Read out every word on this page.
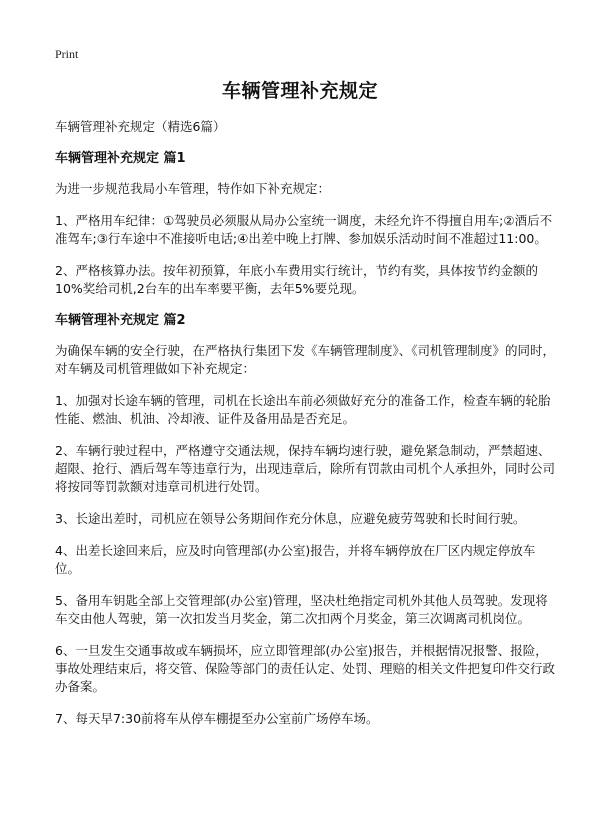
Print
车辆管理补充规定

车辆管理补充规定（精选6篇）

车辆管理补充规定 篇1

为进一步规范我局小车管理，特作如下补充规定：

1、严格用车纪律：①驾驶员必须服从局办公室统一调度，未经允许不得擅自用车;②酒后不准驾车;③行车途中不准接听电话;④出差中晚上打牌、参加娱乐活动时间不准超过11:00。

2、严格核算办法。按年初预算，年底小车费用实行统计，节约有奖，具体按节约金额的10%奖给司机,2台车的出车率要平衡，去年5%要兑现。

车辆管理补充规定 篇2

为确保车辆的安全行驶，在严格执行集团下发《车辆管理制度》、《司机管理制度》的同时，对车辆及司机管理做如下补充规定：

1、加强对长途车辆的管理，司机在长途出车前必须做好充分的准备工作，检查车辆的轮胎性能、燃油、机油、冷却液、证件及备用品是否充足。

2、车辆行驶过程中，严格遵守交通法规，保持车辆均速行驶，避免紧急制动，严禁超速、超限、抢行、酒后驾车等违章行为，出现违章后，除所有罚款由司机个人承担外，同时公司将按同等罚款额对违章司机进行处罚。

3、长途出差时，司机应在领导公务期间作充分休息，应避免疲劳驾驶和长时间行驶。

4、出差长途回来后，应及时向管理部(办公室)报告，并将车辆停放在厂区内规定停放车位。

5、备用车钥匙全部上交管理部(办公室)管理，坚决杜绝指定司机外其他人员驾驶。发现将车交由他人驾驶，第一次扣发当月奖金，第二次扣两个月奖金，第三次调离司机岗位。

6、一旦发生交通事故或车辆损坏，应立即管理部(办公室)报告，并根据情况报警、报险，事故处理结束后，将交管、保险等部门的责任认定、处罚、理赔的相关文件把复印件交行政办备案。

7、每天早7:30前将车从停车棚提至办公室前广场停车场。
